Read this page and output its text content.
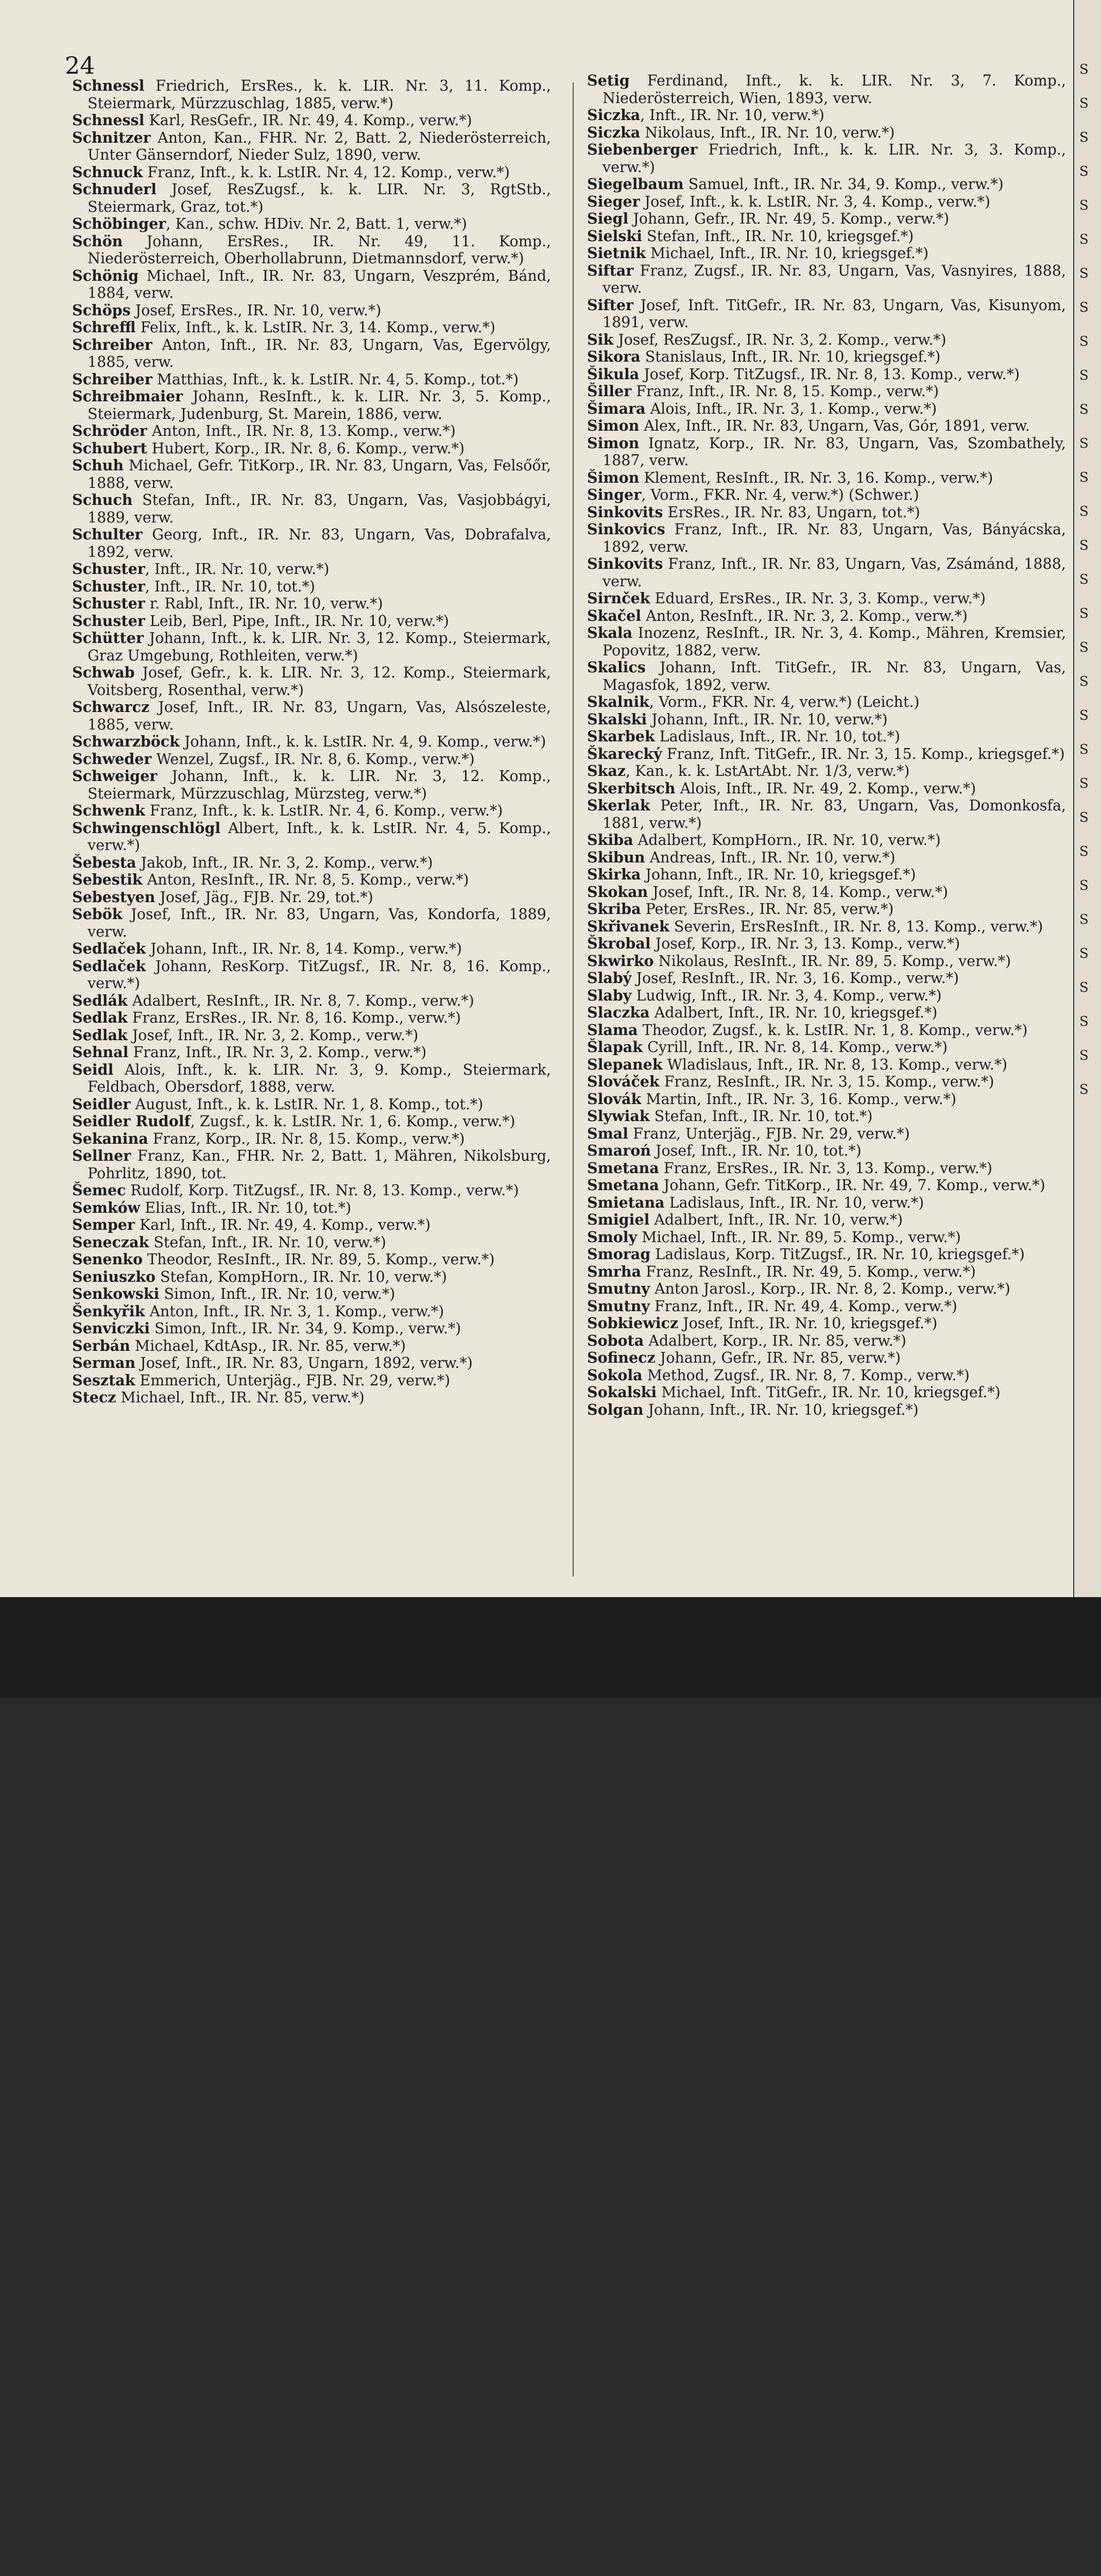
24

Schnessl Friedrich, ErsRes., k. k. LIR. Nr. 3, 11. Komp., Steiermark, Mürzzuschlag, 1885, verw.*)

Schnessl Karl, ResGefr., IR. Nr. 49, 4. Komp., verw.*)

Schnitzer Anton, Kan., FHR. Nr. 2, Batt. 2, Niederösterreich, Unter Gänserndorf, Nieder Sulz, 1890, verw.

Schnuck Franz, Inft., k. k. LstIR. Nr. 4, 12. Komp., verw.*)

Schnuderl Josef, ResZugsf., k. k. LIR. Nr. 3, RgtStb., Steiermark, Graz, tot.*)

Schöbinger, Kan., schw. HDiv. Nr. 2, Batt. 1, verw.*)

Schön Johann, ErsRes., IR. Nr. 49, 11. Komp., Niederösterreich, Oberhollabrunn, Dietmannsdorf, verw.*)

Schönig Michael, Inft., IR. Nr. 83, Ungarn, Veszprém, Bánd, 1884, verw.

Schöps Josef, ErsRes., IR. Nr. 10, verw.*)

Schreffl Felix, Inft., k. k. LstIR. Nr. 3, 14. Komp., verw.*)

Schreiber Anton, Inft., IR. Nr. 83, Ungarn, Vas, Egervölgy, 1885, verw.

Schreiber Matthias, Inft., k. k. LstIR. Nr. 4, 5. Komp., tot.*)

Schreibmaier Johann, ResInft., k. k. LIR. Nr. 3, 5. Komp., Steiermark, Judenburg, St. Marein, 1886, verw.

Schröder Anton, Inft., IR. Nr. 8, 13. Komp., verw.*)

Schubert Hubert, Korp., IR. Nr. 8, 6. Komp., verw.*)

Schuh Michael, Gefr. TitKorp., IR. Nr. 83, Ungarn, Vas, Felsőőr, 1888, verw.

Schuch Stefan, Inft., IR. Nr. 83, Ungarn, Vas, Vasjobbágyi, 1889, verw.

Schulter Georg, Inft., IR. Nr. 83, Ungarn, Vas, Dobrafalva, 1892, verw.

Schuster, Inft., IR. Nr. 10, verw.*)

Schuster, Inft., IR. Nr. 10, tot.*)

Schuster r. Rabl, Inft., IR. Nr. 10, verw.*)

Schuster Leib, Berl, Pipe, Inft., IR. Nr. 10, verw.*)

Schütter Johann, Inft., k. k. LIR. Nr. 3, 12. Komp., Steiermark, Graz Umgebung, Rothleiten, verw.*)

Schwab Josef, Gefr., k. k. LIR. Nr. 3, 12. Komp., Steiermark, Voitsberg, Rosenthal, verw.*)

Schwarcz Josef, Inft., IR. Nr. 83, Ungarn, Vas, Alsószeleste, 1885, verw.

Schwarzböck Johann, Inft., k. k. LstIR. Nr. 4, 9. Komp., verw.*)

Schweder Wenzel, Zugsf., IR. Nr. 8, 6. Komp., verw.*)

Schweiger Johann, Inft., k. k. LIR. Nr. 3, 12. Komp., Steiermark, Mürzzuschlag, Mürzsteg, verw.*)

Schwenk Franz, Inft., k. k. LstIR. Nr. 4, 6. Komp., verw.*)

Schwingenschlögl Albert, Inft., k. k. LstIR. Nr. 4, 5. Komp., verw.*)

Šebesta Jakob, Inft., IR. Nr. 3, 2. Komp., verw.*)

Sebestik Anton, ResInft., IR. Nr. 8, 5. Komp., verw.*)

Sebestyen Josef, Jäg., FJB. Nr. 29, tot.*)

Sebök Josef, Inft., IR. Nr. 83, Ungarn, Vas, Kondorfa, 1889, verw.

Sedlaček Johann, Inft., IR. Nr. 8, 14. Komp., verw.*)

Sedlaček Johann, ResKorp. TitZugsf., IR. Nr. 8, 16. Komp., verw.*)

Sedlák Adalbert, ResInft., IR. Nr. 8, 7. Komp., verw.*)

Sedlak Franz, ErsRes., IR. Nr. 8, 16. Komp., verw.*)

Sedlak Josef, Inft., IR. Nr. 3, 2. Komp., verw.*)

Sehnal Franz, Inft., IR. Nr. 3, 2. Komp., verw.*)

Seidl Alois, Inft., k. k. LIR. Nr. 3, 9. Komp., Steiermark, Feldbach, Obersdorf, 1888, verw.

Seidler August, Inft., k. k. LstIR. Nr. 1, 8. Komp., tot.*)

Seidler Rudolf, Zugsf., k. k. LstIR. Nr. 1, 6. Komp., verw.*)

Sekanina Franz, Korp., IR. Nr. 8, 15. Komp., verw.*)

Sellner Franz, Kan., FHR. Nr. 2, Batt. 1, Mähren, Nikolsburg, Pohrlitz, 1890, tot.

Šemec Rudolf, Korp. TitZugsf., IR. Nr. 8, 13. Komp., verw.*)

Semków Elias, Inft., IR. Nr. 10, tot.*)

Semper Karl, Inft., IR. Nr. 49, 4. Komp., verw.*)

Seneczak Stefan, Inft., IR. Nr. 10, verw.*)

Senenko Theodor, ResInft., IR. Nr. 89, 5. Komp., verw.*)

Seniuszko Stefan, KompHorn., IR. Nr. 10, verw.*)

Senkowski Simon, Inft., IR. Nr. 10, verw.*)

Šenkyřik Anton, Inft., IR. Nr. 3, 1. Komp., verw.*)

Senviczki Simon, Inft., IR. Nr. 34, 9. Komp., verw.*)

Serbán Michael, KdtAsp., IR. Nr. 85, verw.*)

Serman Josef, Inft., IR. Nr. 83, Ungarn, 1892, verw.*)

Sesztak Emmerich, Unterjäg., FJB. Nr. 29, verw.*)

Stecz Michael, Inft., IR. Nr. 85, verw.*)

Setig Ferdinand, Inft., k. k. LIR. Nr. 3, 7. Komp., Niederösterreich, Wien, 1893, verw.

Siczka, Inft., IR. Nr. 10, verw.*)

Siczka Nikolaus, Inft., IR. Nr. 10, verw.*)

Siebenberger Friedrich, Inft., k. k. LIR. Nr. 3, 3. Komp., verw.*)

Siegelbaum Samuel, Inft., IR. Nr. 34, 9. Komp., verw.*)

Sieger Josef, Inft., k. k. LstIR. Nr. 3, 4. Komp., verw.*)

Siegl Johann, Gefr., IR. Nr. 49, 5. Komp., verw.*)

Sielski Stefan, Inft., IR. Nr. 10, kriegsgef.*)

Sietnik Michael, Inft., IR. Nr. 10, kriegsgef.*)

Siftar Franz, Zugsf., IR. Nr. 83, Ungarn, Vas, Vasnyires, 1888, verw.

Sifter Josef, Inft. TitGefr., IR. Nr. 83, Ungarn, Vas, Kisunyom, 1891, verw.

Sik Josef, ResZugsf., IR. Nr. 3, 2. Komp., verw.*)

Sikora Stanislaus, Inft., IR. Nr. 10, kriegsgef.*)

Šikula Josef, Korp. TitZugsf., IR. Nr. 8, 13. Komp., verw.*)

Šiller Franz, Inft., IR. Nr. 8, 15. Komp., verw.*)

Šimara Alois, Inft., IR. Nr. 3, 1. Komp., verw.*)

Simon Alex, Inft., IR. Nr. 83, Ungarn, Vas, Gór, 1891, verw.

Simon Ignatz, Korp., IR. Nr. 83, Ungarn, Vas, Szombathely, 1887, verw.

Šimon Klement, ResInft., IR. Nr. 3, 16. Komp., verw.*)

Singer, Vorm., FKR. Nr. 4, verw.*) (Schwer.)

Sinkovits ErsRes., IR. Nr. 83, Ungarn, tot.*)

Sinkovics Franz, Inft., IR. Nr. 83, Ungarn, Vas, Bányácska, 1892, verw.

Sinkovits Franz, Inft., IR. Nr. 83, Ungarn, Vas, Zsámánd, 1888, verw.

Sirnček Eduard, ErsRes., IR. Nr. 3, 3. Komp., verw.*)

Skačel Anton, ResInft., IR. Nr. 3, 2. Komp., verw.*)

Skala Inozenz, ResInft., IR. Nr. 3, 4. Komp., Mähren, Kremsier, Popovitz, 1882, verw.

Skalics Johann, Inft. TitGefr., IR. Nr. 83, Ungarn, Vas, Magasfok, 1892, verw.

Skalnik, Vorm., FKR. Nr. 4, verw.*) (Leicht.)

Skalski Johann, Inft., IR. Nr. 10, verw.*)

Skarbek Ladislaus, Inft., IR. Nr. 10, tot.*)

Škarecký Franz, Inft. TitGefr., IR. Nr. 3, 15. Komp., kriegsgef.*)

Skaz, Kan., k. k. LstArtAbt. Nr. 1/3, verw.*)

Skerbitsch Alois, Inft., IR. Nr. 49, 2. Komp., verw.*)

Skerlak Peter, Inft., IR. Nr. 83, Ungarn, Vas, Domonkosfa, 1881, verw.*)

Skiba Adalbert, KompHorn., IR. Nr. 10, verw.*)

Skibun Andreas, Inft., IR. Nr. 10, verw.*)

Skirka Johann, Inft., IR. Nr. 10, kriegsgef.*)

Skokan Josef, Inft., IR. Nr. 8, 14. Komp., verw.*)

Skriba Peter, ErsRes., IR. Nr. 85, verw.*)

Skřivanek Severin, ErsResInft., IR. Nr. 8, 13. Komp., verw.*)

Škrobal Josef, Korp., IR. Nr. 3, 13. Komp., verw.*)

Skwirko Nikolaus, ResInft., IR. Nr. 89, 5. Komp., verw.*)

Slabý Josef, ResInft., IR. Nr. 3, 16. Komp., verw.*)

Slaby Ludwig, Inft., IR. Nr. 3, 4. Komp., verw.*)

Slaczka Adalbert, Inft., IR. Nr. 10, kriegsgef.*)

Slama Theodor, Zugsf., k. k. LstIR. Nr. 1, 8. Komp., verw.*)

Šlapak Cyrill, Inft., IR. Nr. 8, 14. Komp., verw.*)

Slepanek Wladislaus, Inft., IR. Nr. 8, 13. Komp., verw.*)

Slováček Franz, ResInft., IR. Nr. 3, 15. Komp., verw.*)

Slovák Martin, Inft., IR. Nr. 3, 16. Komp., verw.*)

Slywiak Stefan, Inft., IR. Nr. 10, tot.*)

Smal Franz, Unterjäg., FJB. Nr. 29, verw.*)

Smaroń Josef, Inft., IR. Nr. 10, tot.*)

Smetana Franz, ErsRes., IR. Nr. 3, 13. Komp., verw.*)

Smetana Johann, Gefr. TitKorp., IR. Nr. 49, 7. Komp., verw.*)

Smietana Ladislaus, Inft., IR. Nr. 10, verw.*)

Smigiel Adalbert, Inft., IR. Nr. 10, verw.*)

Smoly Michael, Inft., IR. Nr. 89, 5. Komp., verw.*)

Smorag Ladislaus, Korp. TitZugsf., IR. Nr. 10, kriegsgef.*)

Smrha Franz, ResInft., IR. Nr. 49, 5. Komp., verw.*)

Smutny Anton Jarosl., Korp., IR. Nr. 8, 2. Komp., verw.*)

Smutny Franz, Inft., IR. Nr. 49, 4. Komp., verw.*)

Sobkiewicz Josef, Inft., IR. Nr. 10, kriegsgef.*)

Sobota Adalbert, Korp., IR. Nr. 85, verw.*)

Sofinecz Johann, Gefr., IR. Nr. 85, verw.*)

Sokola Method, Zugsf., IR. Nr. 8, 7. Komp., verw.*)

Sokalski Michael, Inft. TitGefr., IR. Nr. 10, kriegsgef.*)

Solgan Johann, Inft., IR. Nr. 10, kriegsgef.*)

S
S
S
S
S
S
S
S
S
S
S
S
S
S
S
S
S
S
S
S
S
S
S
S
S
S
S
S
S
S
S
